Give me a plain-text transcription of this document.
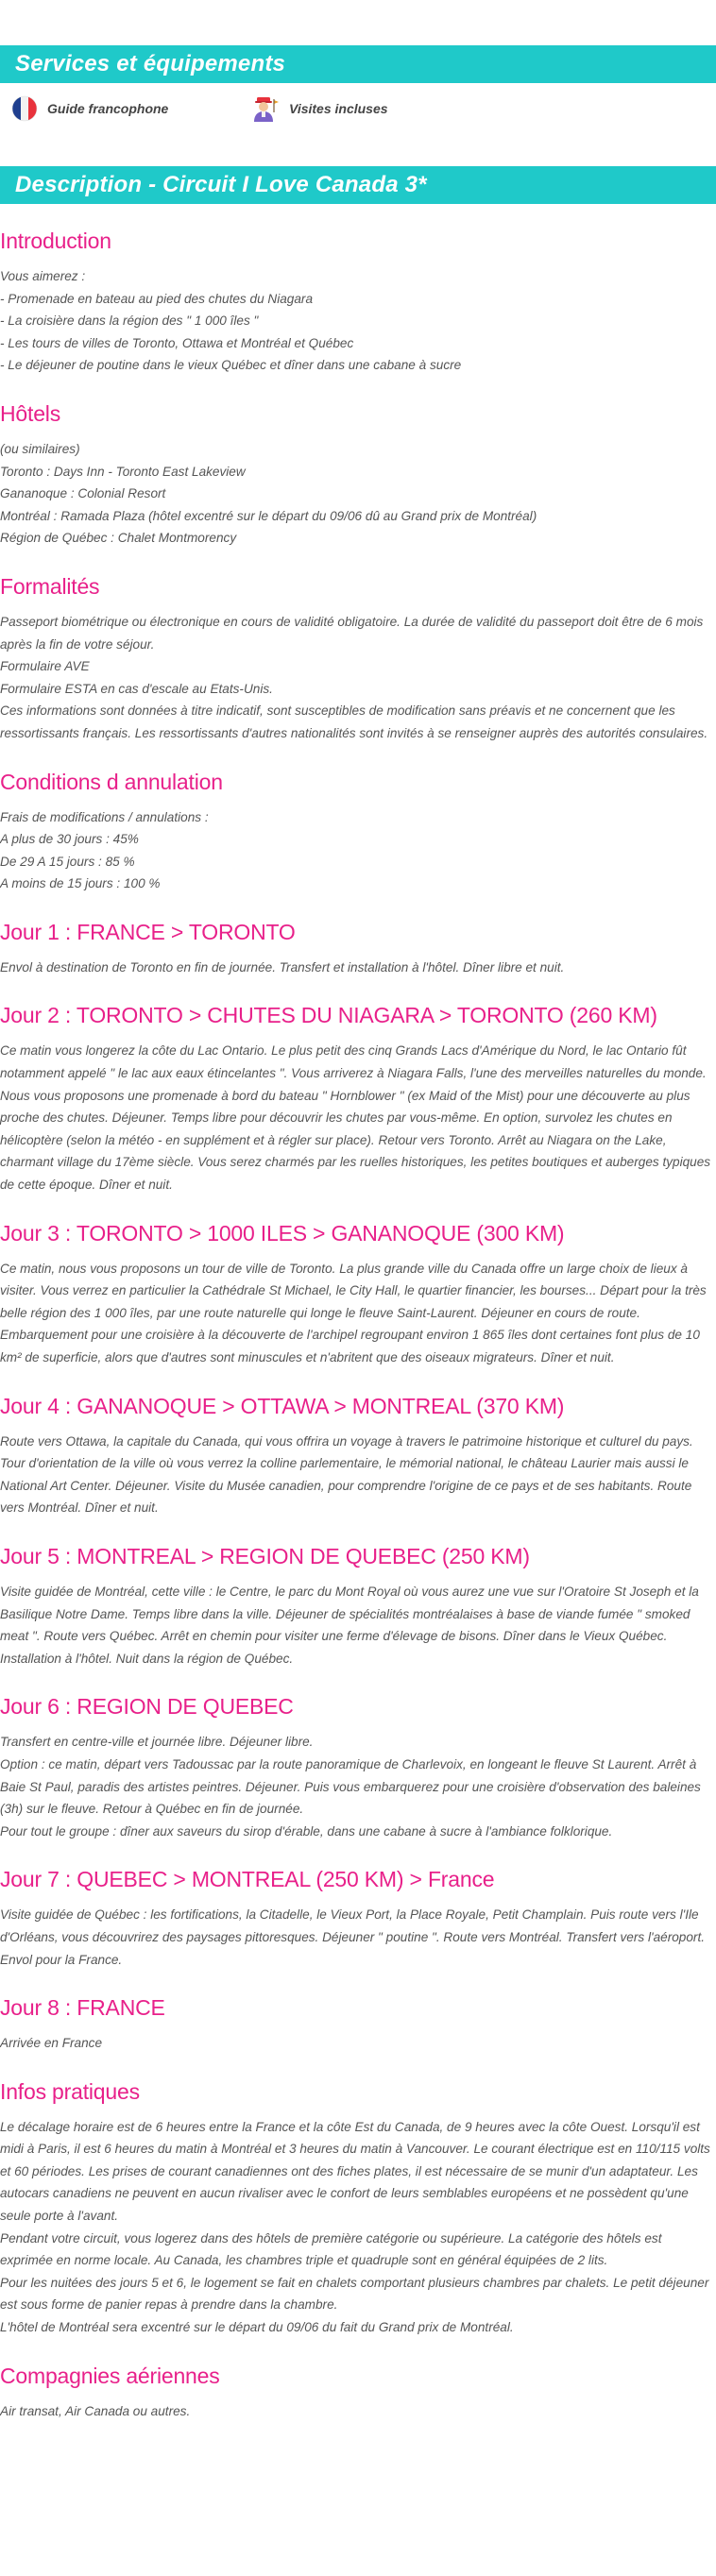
Services et équipements
Guide francophone	Visites incluses
Description - Circuit I Love Canada 3*
Introduction
Vous aimerez :
- Promenade en bateau au pied des chutes du Niagara
- La croisière dans la région des " 1 000 îles "
- Les tours de villes de Toronto, Ottawa et Montréal et Québec
- Le déjeuner de poutine dans le vieux Québec et dîner dans une cabane à sucre
Hôtels
(ou similaires)
Toronto : Days Inn - Toronto East Lakeview
Gananoque : Colonial Resort
Montréal : Ramada Plaza (hôtel excentré sur le départ du 09/06 dû au Grand prix de Montréal)
Région de Québec : Chalet Montmorency
Formalités
Passeport biométrique ou électronique en cours de validité obligatoire. La durée de validité du passeport doit être de 6 mois après la fin de votre séjour.
Formulaire AVE
Formulaire ESTA en cas d'escale au Etats-Unis.
Ces informations sont données à titre indicatif, sont susceptibles de modification sans préavis et ne concernent que les ressortissants français. Les ressortissants d'autres nationalités sont invités à se renseigner auprès des autorités consulaires.
Conditions d annulation
Frais de modifications / annulations :
A plus de 30 jours : 45%
De 29 A 15 jours : 85 %
A moins de 15 jours : 100 %
Jour 1 : FRANCE > TORONTO
Envol à destination de Toronto en fin de journée. Transfert et installation à l'hôtel. Dîner libre et nuit.
Jour 2 : TORONTO > CHUTES DU NIAGARA > TORONTO (260 KM)
Ce matin vous longerez la côte du Lac Ontario. Le plus petit des cinq Grands Lacs d'Amérique du Nord, le lac Ontario fût notamment appelé " le lac aux eaux étincelantes ". Vous arriverez à Niagara Falls, l'une des merveilles naturelles du monde. Nous vous proposons une promenade à bord du bateau " Hornblower " (ex Maid of the Mist) pour une découverte au plus proche des chutes. Déjeuner. Temps libre pour découvrir les chutes par vous-même. En option, survolez les chutes en hélicoptère (selon la météo - en supplément et à régler sur place). Retour vers Toronto. Arrêt au Niagara on the Lake, charmant village du 17ème siècle. Vous serez charmés par les ruelles historiques, les petites boutiques et auberges typiques de cette époque. Dîner et nuit.
Jour 3 : TORONTO > 1000 ILES > GANANOQUE (300 KM)
Ce matin, nous vous proposons un tour de ville de Toronto. La plus grande ville du Canada offre un large choix de lieux à visiter. Vous verrez en particulier la Cathédrale St Michael, le City Hall, le quartier financier, les bourses... Départ pour la très belle région des 1 000 îles, par une route naturelle qui longe le fleuve Saint-Laurent. Déjeuner en cours de route. Embarquement pour une croisière à la découverte de l'archipel regroupant environ 1 865 îles dont certaines font plus de 10 km² de superficie, alors que d'autres sont minuscules et n'abritent que des oiseaux migrateurs. Dîner et nuit.
Jour 4 : GANANOQUE > OTTAWA > MONTREAL (370 KM)
Route vers Ottawa, la capitale du Canada, qui vous offrira un voyage à travers le patrimoine historique et culturel du pays. Tour d'orientation de la ville où vous verrez la colline parlementaire, le mémorial national, le château Laurier mais aussi le National Art Center. Déjeuner. Visite du Musée canadien, pour comprendre l'origine de ce pays et de ses habitants. Route vers Montréal. Dîner et nuit.
Jour 5 : MONTREAL > REGION DE QUEBEC (250 KM)
Visite guidée de Montréal, cette ville : le Centre, le parc du Mont Royal où vous aurez une vue sur l'Oratoire St Joseph et la Basilique Notre Dame. Temps libre dans la ville. Déjeuner de spécialités montréalaises à base de viande fumée " smoked meat ". Route vers Québec. Arrêt en chemin pour visiter une ferme d'élevage de bisons. Dîner dans le Vieux Québec. Installation à l'hôtel. Nuit dans la région de Québec.
Jour 6 : REGION DE QUEBEC
Transfert en centre-ville et journée libre. Déjeuner libre.
Option : ce matin, départ vers Tadoussac par la route panoramique de Charlevoix, en longeant le fleuve St Laurent. Arrêt à Baie St Paul, paradis des artistes peintres. Déjeuner. Puis vous embarquerez pour une croisière d'observation des baleines (3h) sur le fleuve. Retour à Québec en fin de journée.
Pour tout le groupe : dîner aux saveurs du sirop d'érable, dans une cabane à sucre à l'ambiance folklorique.
Jour 7 : QUEBEC > MONTREAL (250 KM) > France
Visite guidée de Québec : les fortifications, la Citadelle, le Vieux Port, la Place Royale, Petit Champlain. Puis route vers l'Ile d'Orléans, vous découvrirez des paysages pittoresques. Déjeuner " poutine ". Route vers Montréal. Transfert vers l'aéroport. Envol pour la France.
Jour 8 : FRANCE
Arrivée en France
Infos pratiques
Le décalage horaire est de 6 heures entre la France et la côte Est du Canada, de 9 heures avec la côte Ouest. Lorsqu'il est midi à Paris, il est 6 heures du matin à Montréal et 3 heures du matin à Vancouver. Le courant électrique est en 110/115 volts et 60 périodes. Les prises de courant canadiennes ont des fiches plates, il est nécessaire de se munir d'un adaptateur. Les autocars canadiens ne peuvent en aucun rivaliser avec le confort de leurs semblables européens et ne possèdent qu'une seule porte à l'avant.
Pendant votre circuit, vous logerez dans des hôtels de première catégorie ou supérieure. La catégorie des hôtels est exprimée en norme locale. Au Canada, les chambres triple et quadruple sont en général équipées de 2 lits.
Pour les nuitées des jours 5 et 6, le logement se fait en chalets comportant plusieurs chambres par chalets. Le petit déjeuner est sous forme de panier repas à prendre dans la chambre.
L'hôtel de Montréal sera excentré sur le départ du 09/06 du fait du Grand prix de Montréal.
Compagnies aériennes
Air transat, Air Canada ou autres.
